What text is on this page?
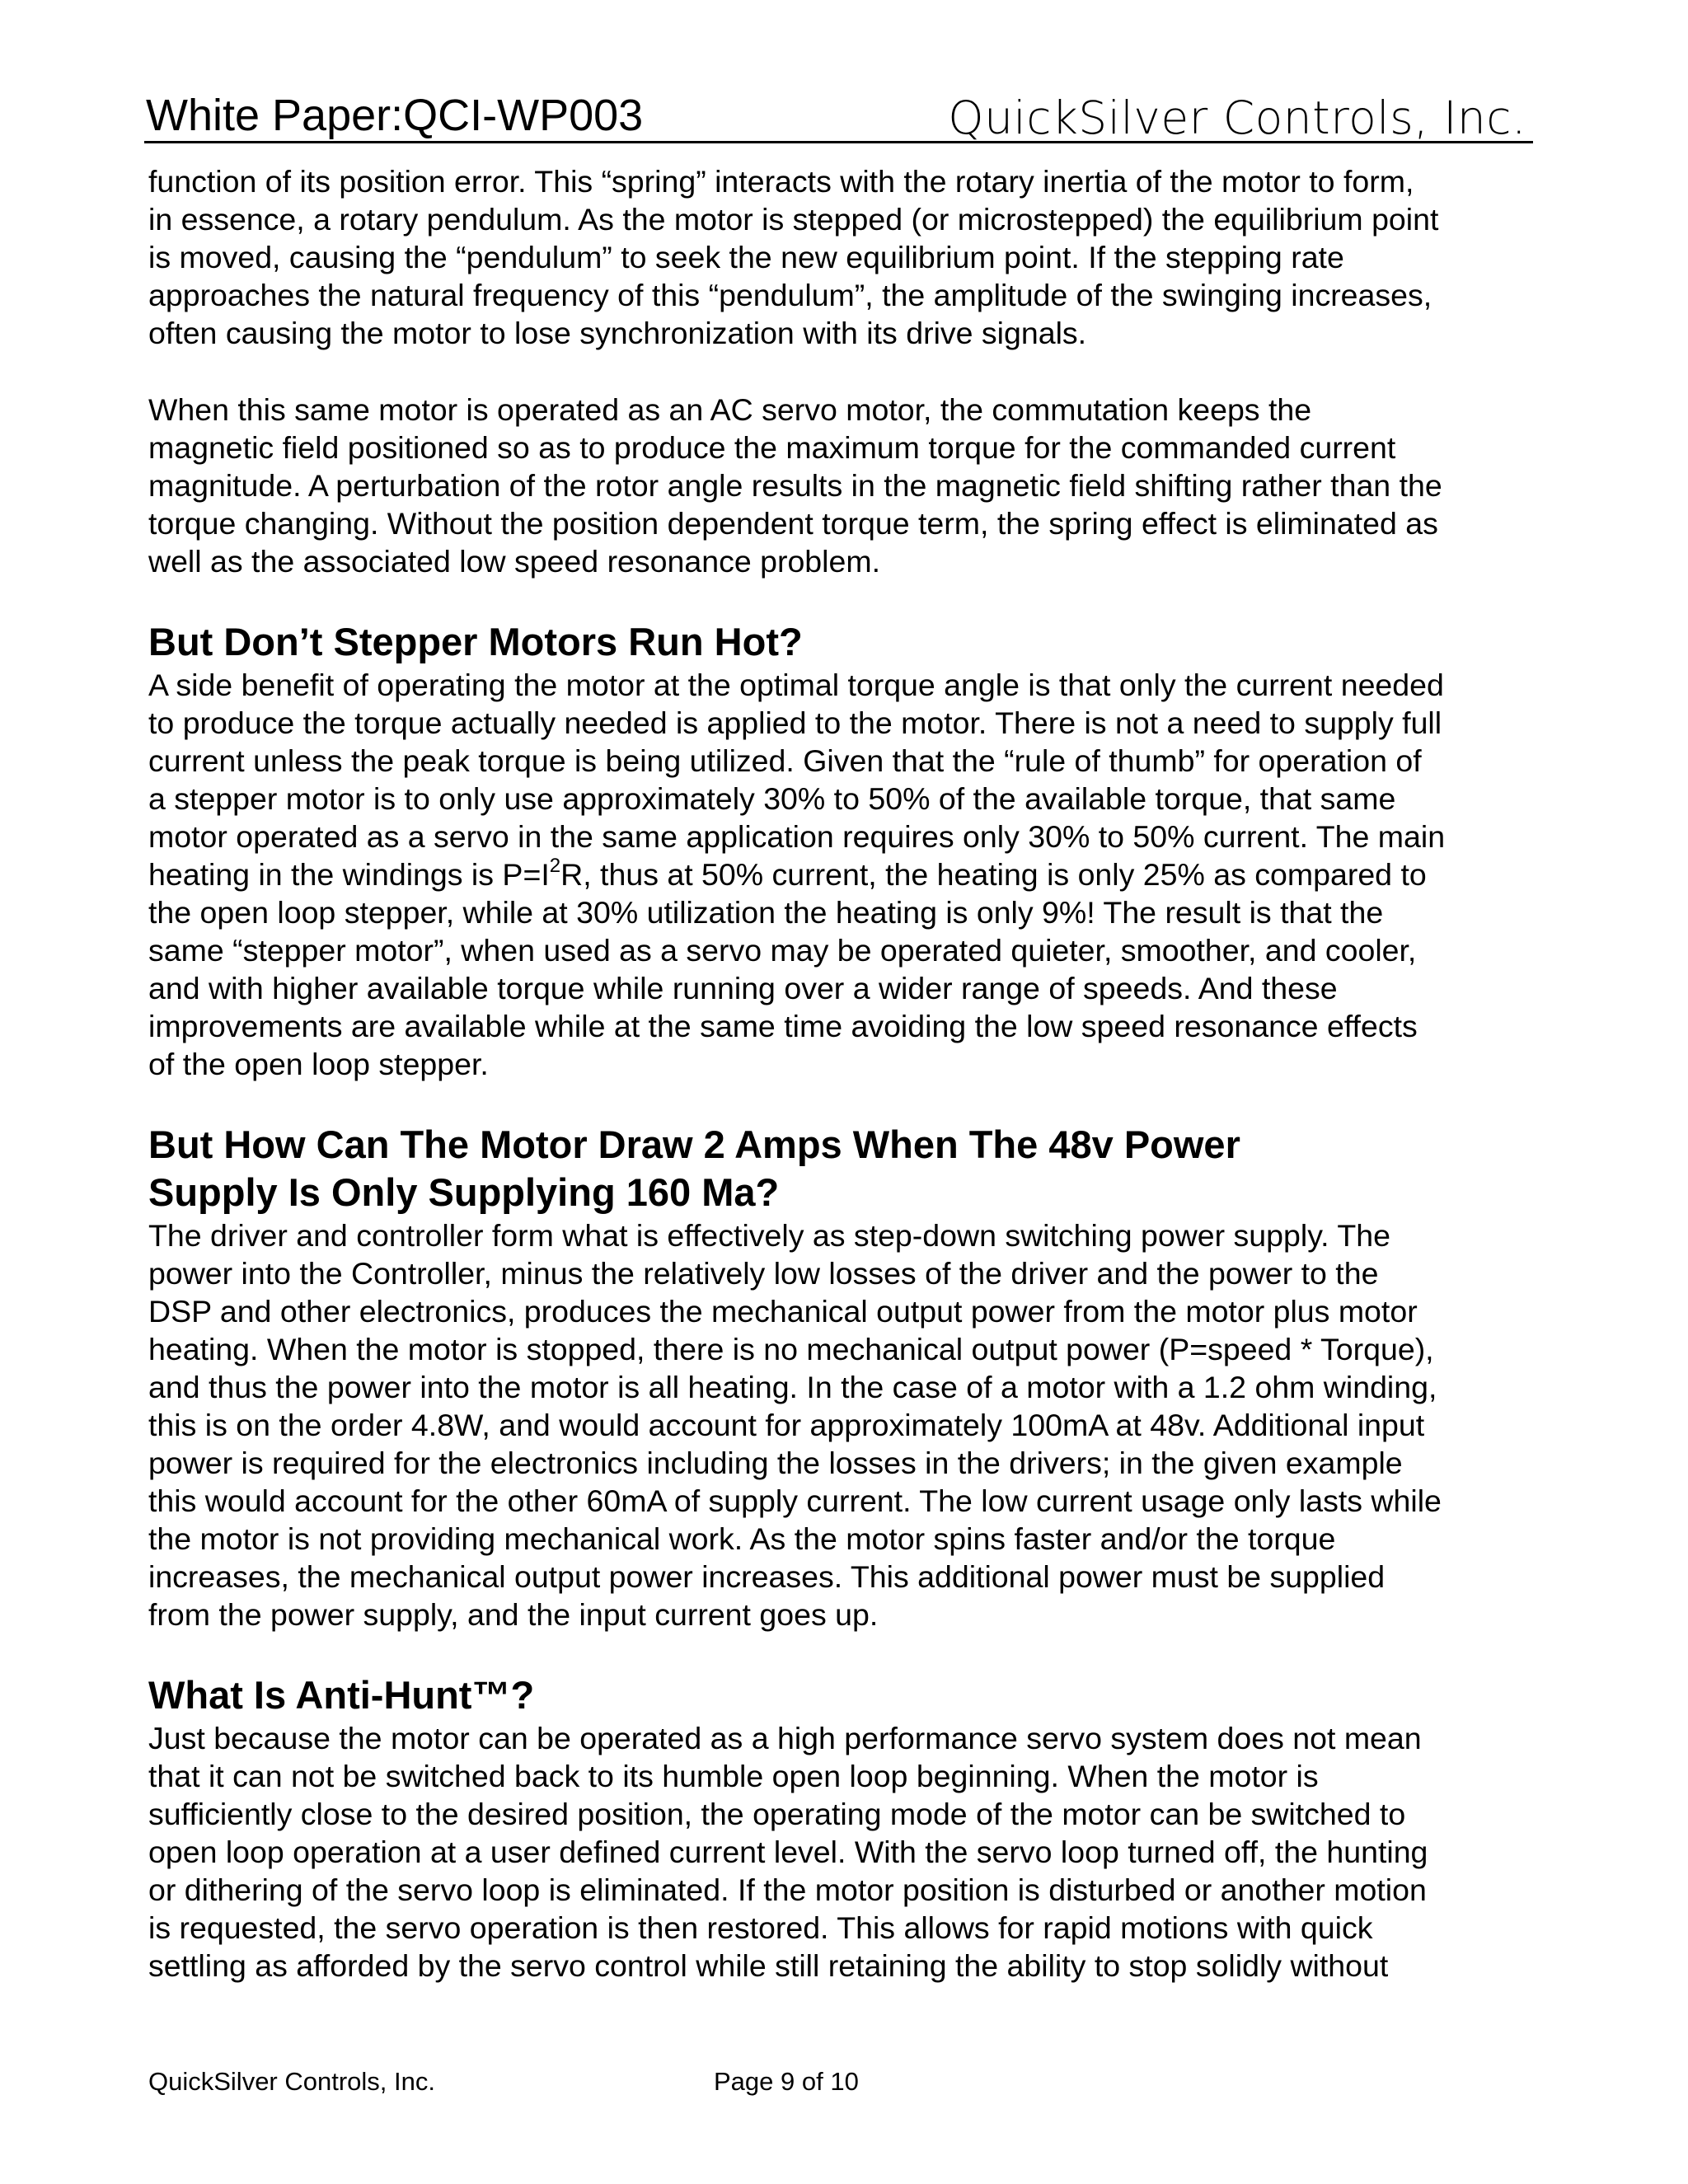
White Paper:QCI-WP003	QuickSilver Controls, Inc.

function of its position error. This “spring” interacts with the rotary inertia of the motor to form,

in essence, a rotary pendulum. As the motor is stepped (or microstepped) the equilibrium point

is moved, causing the “pendulum” to seek the new equilibrium point. If the stepping rate

approaches the natural frequency of this “pendulum”, the amplitude of the swinging increases,

often causing the motor to lose synchronization with its drive signals.

When this same motor is operated as an AC servo motor, the commutation keeps the

magnetic field positioned so as to produce the maximum torque for the commanded current

magnitude. A perturbation of the rotor angle results in the magnetic field shifting rather than the

torque changing. Without the position dependent torque term, the spring effect is eliminated as

well as the associated low speed resonance problem.

But Don’t Stepper Motors Run Hot?

A side benefit of operating the motor at the optimal torque angle is that only the current needed

to produce the torque actually needed is applied to the motor. There is not a need to supply full

current unless the peak torque is being utilized. Given that the “rule of thumb” for operation of

a stepper motor is to only use approximately 30% to 50% of the available torque, that same

motor operated as a servo in the same application requires only 30% to 50% current. The main

heating in the windings is $P=I^2R$, thus at 50% current, the heating is only 25% as compared to

the open loop stepper, while at 30% utilization the heating is only 9%! The result is that the

same “stepper motor”, when used as a servo may be operated quieter, smoother, and cooler,

and with higher available torque while running over a wider range of speeds. And these

improvements are available while at the same time avoiding the low speed resonance effects

of the open loop stepper.

But How Can The Motor Draw 2 Amps When The 48v Power
Supply Is Only Supplying 160 Ma?

The driver and controller form what is effectively as step-down switching power supply. The

power into the Controller, minus the relatively low losses of the driver and the power to the

DSP and other electronics, produces the mechanical output power from the motor plus motor

heating. When the motor is stopped, there is no mechanical output power (P=speed * Torque),

and thus the power into the motor is all heating. In the case of a motor with a 1.2 ohm winding,

this is on the order 4.8W, and would account for approximately 100mA at 48v. Additional input

power is required for the electronics including the losses in the drivers; in the given example

this would account for the other 60mA of supply current. The low current usage only lasts while

the motor is not providing mechanical work. As the motor spins faster and/or the torque

increases, the mechanical output power increases. This additional power must be supplied

from the power supply, and the input current goes up.

What Is Anti-Hunt™?

Just because the motor can be operated as a high performance servo system does not mean

that it can not be switched back to its humble open loop beginning. When the motor is

sufficiently close to the desired position, the operating mode of the motor can be switched to

open loop operation at a user defined current level. With the servo loop turned off, the hunting

or dithering of the servo loop is eliminated. If the motor position is disturbed or another motion

is requested, the servo operation is then restored. This allows for rapid motions with quick

settling as afforded by the servo control while still retaining the ability to stop solidly without

QuickSilver Controls, Inc.	Page 9 of 10
